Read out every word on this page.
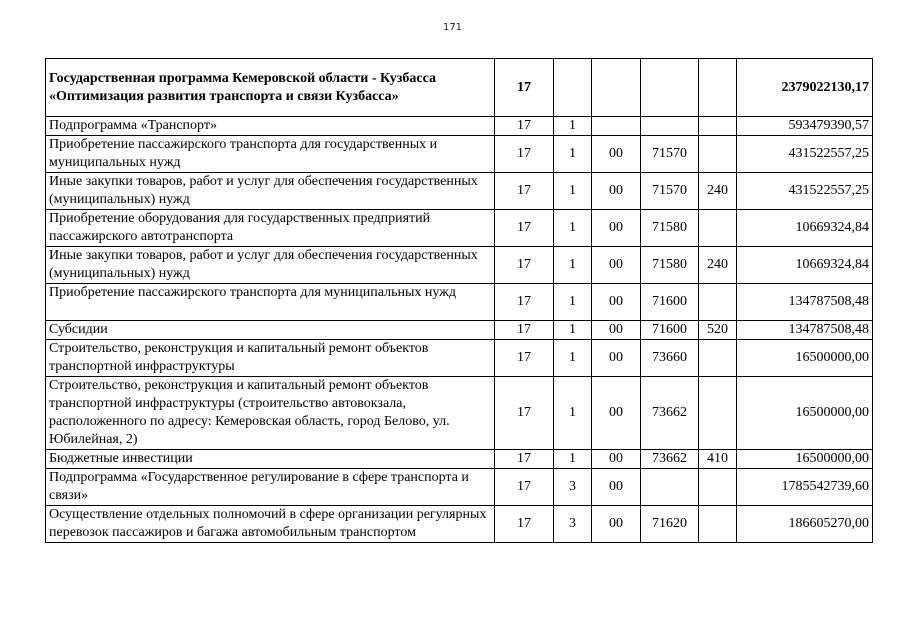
171
Государственная программа Кемеровской области - Кузбасса «Оптимизация развития транспорта и связи Кузбасса»	17					2379022130,17
Подпрограмма «Транспорт»	17	1				593479390,57
Приобретение пассажирского транспорта для государственных и муниципальных нужд	17	1	00	71570		431522557,25
Иные закупки товаров, работ и услуг для обеспечения государственных (муниципальных) нужд	17	1	00	71570	240	431522557,25
Приобретение оборудования для государственных предприятий пассажирского автотранспорта	17	1	00	71580		10669324,84
Иные закупки товаров, работ и услуг для обеспечения государственных (муниципальных) нужд	17	1	00	71580	240	10669324,84
Приобретение пассажирского транспорта для муниципальных нужд	17	1	00	71600		134787508,48
Субсидии	17	1	00	71600	520	134787508,48
Строительство, реконструкция и капитальный ремонт объектов транспортной инфраструктуры	17	1	00	73660		16500000,00
Строительство, реконструкция и капитальный ремонт объектов транспортной инфраструктуры (строительство автовокзала, расположенного по адресу: Кемеровская область, город Белово, ул. Юбилейная, 2)	17	1	00	73662		16500000,00
Бюджетные инвестиции	17	1	00	73662	410	16500000,00
Подпрограмма «Государственное регулирование в сфере транспорта и связи»	17	3	00			1785542739,60
Осуществление отдельных полномочий в сфере организации регулярных перевозок пассажиров и багажа автомобильным транспортом	17	3	00	71620		186605270,00
